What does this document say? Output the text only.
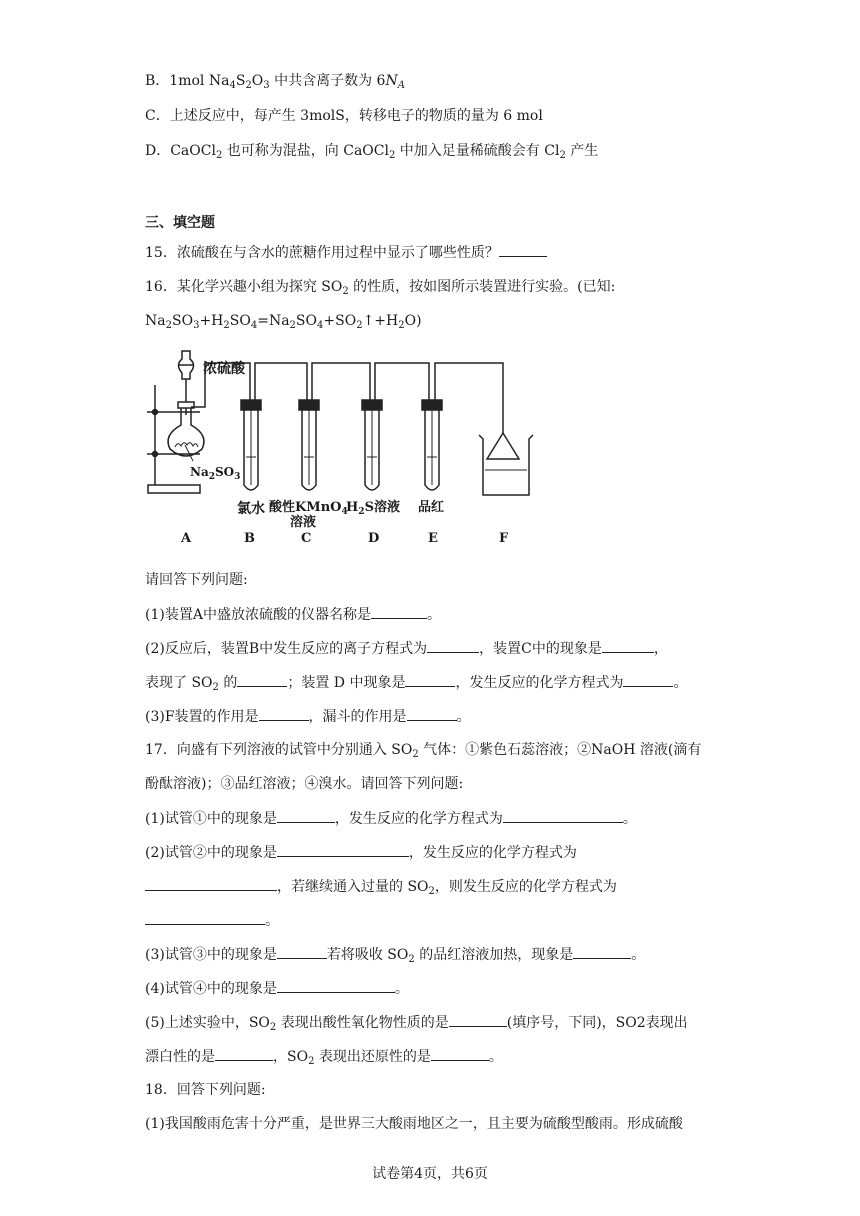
B．1mol $Na_4S_2O_3$ 中共含离子数为 $6N_A$
C．上述反应中，每产生 3molS，转移电子的物质的量为 6 mol
D．CaOCl$_2$ 也可称为混盐，向 CaOCl$_2$ 中加入足量稀硫酸会有 $Cl_2$ 产生
三、填空题
15．浓硫酸在与含水的蔗糖作用过程中显示了哪些性质？
16．某化学兴趣小组为探究 $SO_2$ 的性质，按如图所示装置进行实验。(已知:
$Na_2SO_3+H_2SO_4=Na_2SO_4+SO_2↑+H_2O$)
浓硫酸
$Na_2SO_3$
氯水 酸性KMnO$_4$
溶液
$H_2S$溶液 品红
A	B	C	D	E	F
请回答下列问题:
(1)装置A中盛放浓硫酸的仪器名称是	。
(2)反应后，装置B中发生反应的离子方程式为	，装置C中的现象是	，
表现了 $SO_2$ 的	；装置 D 中现象是	，发生反应的化学方程式为	。
(3)F装置的作用是	，漏斗的作用是	。
17．向盛有下列溶液的试管中分别通入 $SO_2$ 气体：①紫色石蕊溶液；②NaOH 溶液(滴有
酚酞溶液)；③品红溶液；④溴水。请回答下列问题:
(1)试管①中的现象是	，发生反应的化学方程式为	。
(2)试管②中的现象是	，发生反应的化学方程式为
，若继续通入过量的 $SO_2$，则发生反应的化学方程式为
。
(3)试管③中的现象是	若将吸收 $SO_2$ 的品红溶液加热，现象是	。
(4)试管④中的现象是	。
(5)上述实验中，$SO_2$ 表现出酸性氧化物性质的是	(填序号，下同)，SO2表现出
漂白性的是	，$SO_2$ 表现出还原性的是	。
18．回答下列问题:
(1)我国酸雨危害十分严重，是世界三大酸雨地区之一，且主要为硫酸型酸雨。形成硫酸
试卷第4页，共6页
